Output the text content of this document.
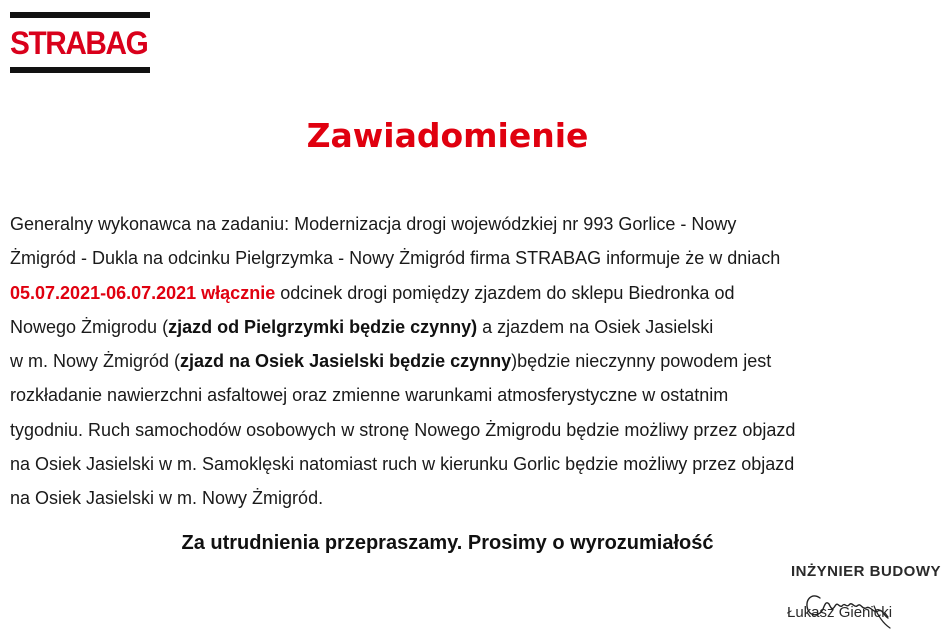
STRABAG
Zawiadomienie
Generalny wykonawca na zadaniu: Modernizacja drogi wojewódzkiej nr 993 Gorlice - Nowy
Żmigród - Dukla na odcinku Pielgrzymka - Nowy Żmigród firma STRABAG informuje że w dniach
05.07.2021-06.07.2021 włącznie odcinek drogi pomiędzy zjazdem do sklepu Biedronka od
Nowego Żmigrodu (zjazd od Pielgrzymki będzie czynny) a zjazdem na Osiek Jasielski
w m. Nowy Żmigród (zjazd na Osiek Jasielski będzie czynny)będzie nieczynny powodem jest
rozkładanie nawierzchni asfaltowej oraz zmienne warunkami atmosferystyczne w ostatnim
tygodniu. Ruch samochodów osobowych w stronę Nowego Żmigrodu będzie możliwy przez objazd
na Osiek Jasielski w m. Samoklęski natomiast ruch w kierunku Gorlic będzie możliwy przez objazd
na Osiek Jasielski w m. Nowy Żmigród.
Za utrudnienia przepraszamy. Prosimy o wyrozumiałość
INŻYNIER BUDOWY
Łukasz Gienicki
